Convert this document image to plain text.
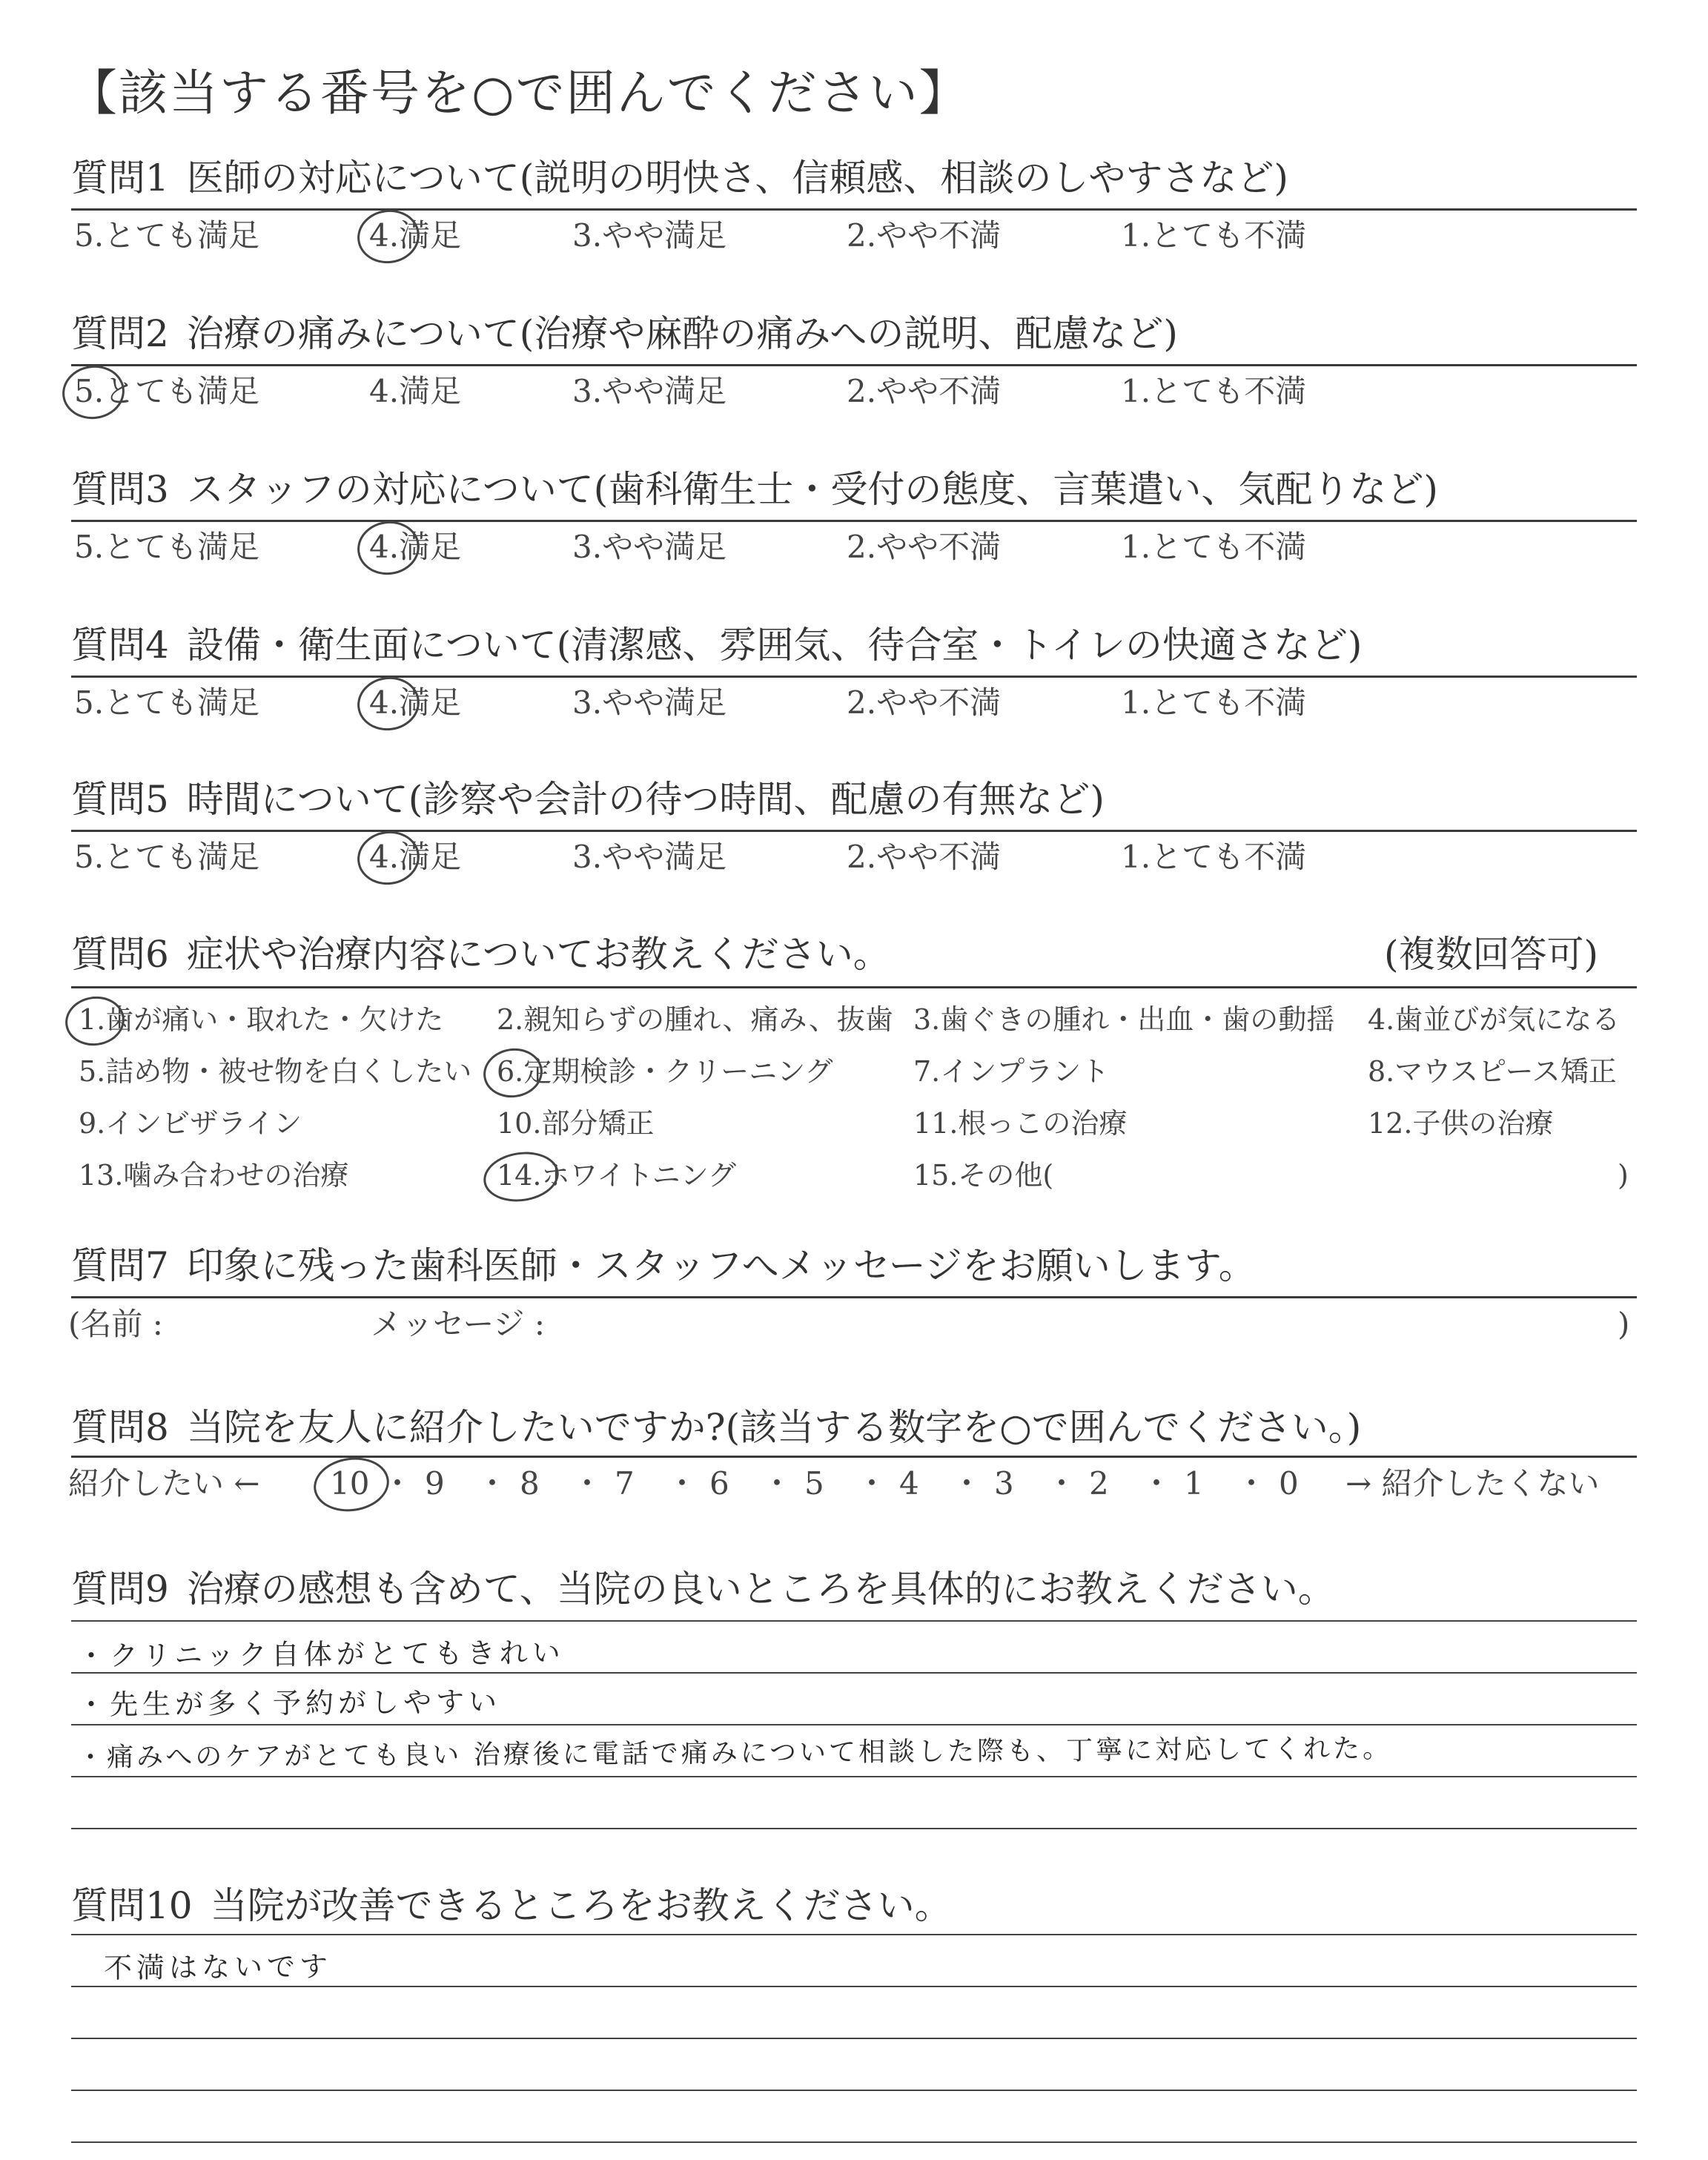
【該当する番号を○で囲んでください】
質問1 医師の対応について(説明の明快さ、信頼感、相談のしやすさなど)
5.とても満足	4.満足	3.やや満足	2.やや不満	1.とても不満
質問2 治療の痛みについて(治療や麻酔の痛みへの説明、配慮など)
5.とても満足	4.満足	3.やや満足	2.やや不満	1.とても不満
質問3 スタッフの対応について(歯科衛生士・受付の態度、言葉遣い、気配りなど)
5.とても満足	4.満足	3.やや満足	2.やや不満	1.とても不満
質問4 設備・衛生面について(清潔感、雰囲気、待合室・トイレの快適さなど)
5.とても満足	4.満足	3.やや満足	2.やや不満	1.とても不満
質問5 時間について(診察や会計の待つ時間、配慮の有無など)
5.とても満足	4.満足	3.やや満足	2.やや不満	1.とても不満
質問6 症状や治療内容についてお教えください。	(複数回答可)
1.歯が痛い・取れた・欠けた 2.親知らずの腫れ、痛み、抜歯 3.歯ぐきの腫れ・出血・歯の動揺 4.歯並びが気になる
5.詰め物・被せ物を白くしたい 6.定期検診・クリーニング	7.インプラント	8.マウスピース矯正
9.インビザライン	10.部分矯正	11.根っこの治療	12.子供の治療
13.噛み合わせの治療	14.ホワイトニング	15.その他(	)
質問7 印象に残った歯科医師・スタッフへメッセージをお願いします。
(名前 :	メッセージ :	)
質問8 当院を友人に紹介したいですか?(該当する数字を○で囲んでください。)
紹介したい ←	→ 紹介したくない
10 ・ 9 ・ 8 ・ 7 ・ 6 ・ 5 ・ 4 ・ 3 ・ 2 ・ 1 ・ 0
質問9 治療の感想も含めて、当院の良いところを具体的にお教えください。
・クリニック自体がとてもきれい
・先生が多く予約がしやすい
・痛みへのケアがとても良い 治療後に電話で痛みについて相談した際も、丁寧に対応してくれた。
質問10 当院が改善できるところをお教えください。
不満はないです
